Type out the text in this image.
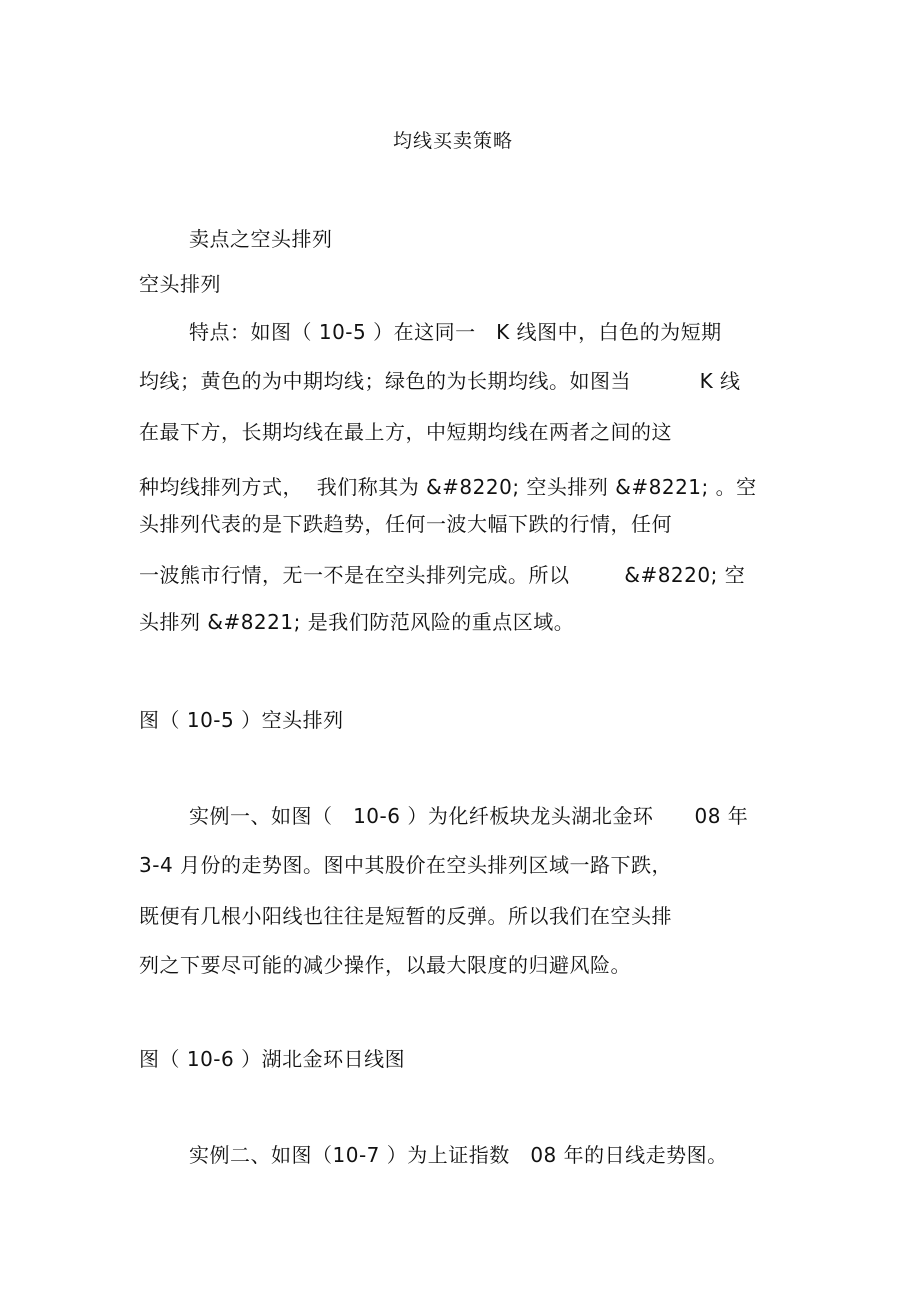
均线买卖策略
卖点之空头排列
空头排列
特点：如图（ 10-5 ）在这同一   K 线图中，白色的为短期
均线；黄色的为中期均线；绿色的为长期均线。如图当          K 线
在最下方，长期均线在最上方，中短期均线在两者之间的这
种均线排列方式，  我们称其为 &#8220; 空头排列 &#8221; 。空
头排列代表的是下跌趋势，任何一波大幅下跌的行情，任何
一波熊市行情，无一不是在空头排列完成。所以        &#8220; 空
头排列 &#8221; 是我们防范风险的重点区域。
图（ 10-5 ）空头排列
实例一、如图（   10-6 ）为化纤板块龙头湖北金环      08 年
3-4 月份的走势图。图中其股价在空头排列区域一路下跌，
既便有几根小阳线也往往是短暂的反弹。所以我们在空头排
列之下要尽可能的减少操作，以最大限度的归避风险。
图（ 10-6 ）湖北金环日线图
实例二、如图（10-7 ）为上证指数   08 年的日线走势图。
